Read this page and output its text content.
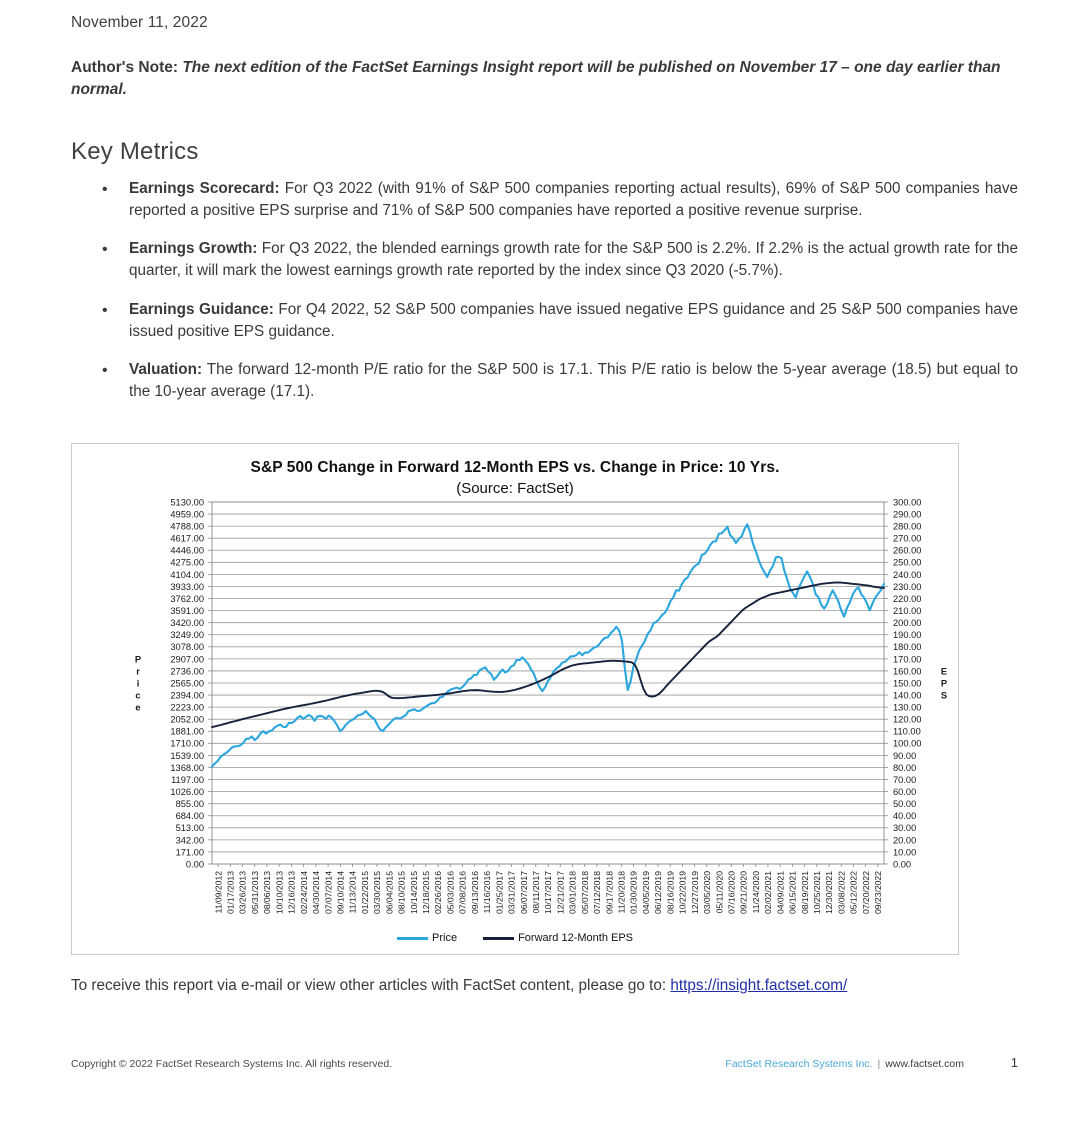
November 11, 2022
Author's Note: The next edition of the FactSet Earnings Insight report will be published on November 17 – one day earlier than normal.
Key Metrics
• Earnings Scorecard: For Q3 2022 (with 91% of S&P 500 companies reporting actual results), 69% of S&P 500 companies have reported a positive EPS surprise and 71% of S&P 500 companies have reported a positive revenue surprise.
• Earnings Growth: For Q3 2022, the blended earnings growth rate for the S&P 500 is 2.2%. If 2.2% is the actual growth rate for the quarter, it will mark the lowest earnings growth rate reported by the index since Q3 2020 (-5.7%).
• Earnings Guidance: For Q4 2022, 52 S&P 500 companies have issued negative EPS guidance and 25 S&P 500 companies have issued positive EPS guidance.
• Valuation: The forward 12-month P/E ratio for the S&P 500 is 17.1. This P/E ratio is below the 5-year average (18.5) but equal to the 10-year average (17.1).
S&P 500 Change in Forward 12-Month EPS vs. Change in Price: 10 Yrs.
(Source: FactSet)
5130.00	300.00
4959.00	290.00
4788.00	280.00
4617.00	270.00
4446.00	260.00
4275.00	250.00
4104.00	240.00
3933.00	230.00
3762.00	220.00
3591.00	210.00
3420.00	200.00
3249.00	190.00
3078.00	180.00
2907.00	170.00
2736.00	160.00
2565.00	150.00
2394.00	140.00
2223.00	130.00
2052.00	120.00
1881.00	110.00
1710.00	100.00
1539.00	90.00
1368.00	80.00
1197.00	70.00
1026.00	60.00
855.00	50.00
684.00	40.00
513.00	30.00
342.00	20.00
171.00	10.00
0.00	0.00
P
r
i
c
e
E
P
S
11/09/2012 01/17/2013 03/26/2013 05/31/2013 08/06/2013 10/10/2013 12/16/2013 02/24/2014 04/30/2014 07/07/2014 09/10/2014 11/13/2014 01/22/2015 03/30/2015 06/04/2015 08/10/2015 10/14/2015 12/18/2015 02/26/2016 05/03/2016 07/08/2016 09/13/2016 11/16/2016 01/25/2017 03/31/2017 06/07/2017 08/11/2017 10/17/2017 12/21/2017 03/01/2018 05/07/2018 07/12/2018 09/17/2018 11/20/2018 01/30/2019 04/05/2019 06/12/2019 08/16/2019 10/22/2019 12/27/2019 03/05/2020 05/11/2020 07/16/2020 09/21/2020 11/24/2020 02/02/2021 04/09/2021 06/15/2021 08/19/2021 10/25/2021 12/30/2021 03/08/2022 05/12/2022 07/20/2022 09/23/2022
Price	Forward 12-Month EPS
To receive this report via e-mail or view other articles with FactSet content, please go to: https://insight.factset.com/
Copyright © 2022 FactSet Research Systems Inc. All rights reserved.	FactSet Research Systems Inc. | www.factset.com	1
